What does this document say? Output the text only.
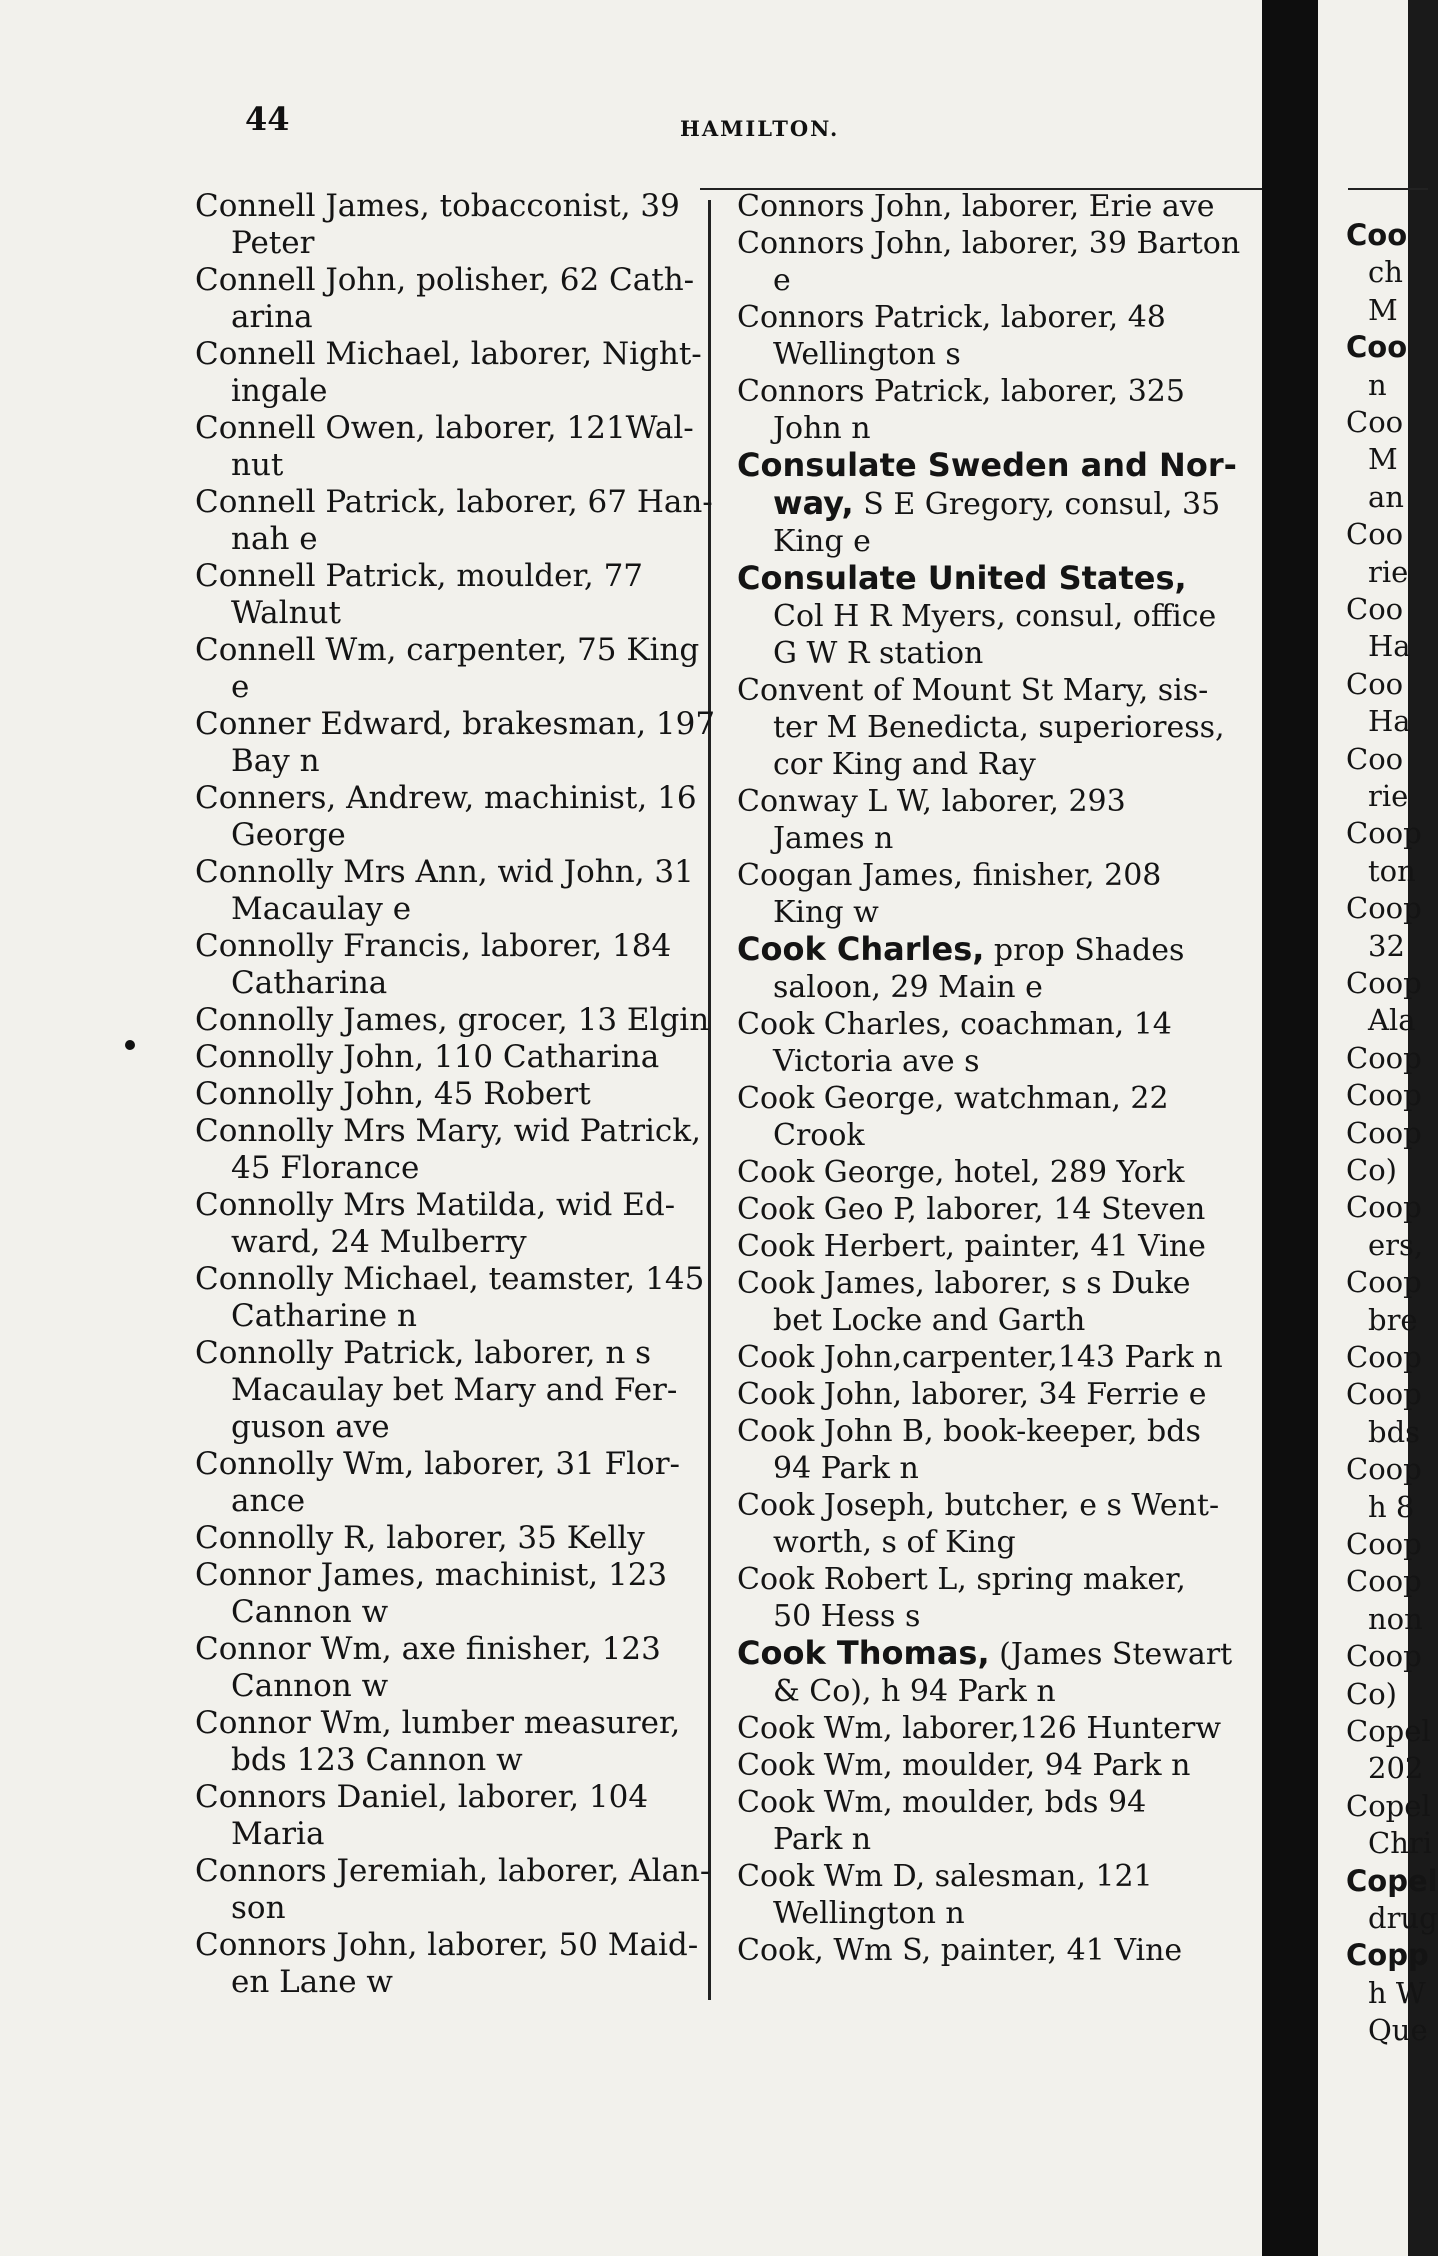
44	HAMILTON.
Connell James, tobacconist, 39
Peter
Connell John, polisher, 62 Cath-
arina
Connell Michael, laborer, Night-
ingale
Connell Owen, laborer, 121Wal-
nut
Connell Patrick, laborer, 67 Han-
nah e
Connell Patrick, moulder, 77
Walnut
Connell Wm, carpenter, 75 King
e
Conner Edward, brakesman, 197
Bay n
Conners, Andrew, machinist, 16
George
Connolly Mrs Ann, wid John, 31
Macaulay e
Connolly Francis, laborer, 184
Catharina
Connolly James, grocer, 13 Elgin
Connolly John, 110 Catharina
Connolly John, 45 Robert
Connolly Mrs Mary, wid Patrick,
45 Florance
Connolly Mrs Matilda, wid Ed-
ward, 24 Mulberry
Connolly Michael, teamster, 145
Catharine n
Connolly Patrick, laborer, n s
Macaulay bet Mary and Fer-
guson ave
Connolly Wm, laborer, 31 Flor-
ance
Connolly R, laborer, 35 Kelly
Connor James, machinist, 123
Cannon w
Connor Wm, axe finisher, 123
Cannon w
Connor Wm, lumber measurer,
bds 123 Cannon w
Connors Daniel, laborer, 104
Maria
Connors Jeremiah, laborer, Alan-
son
Connors John, laborer, 50 Maid-
en Lane w
Connors John, laborer, Erie ave
Connors John, laborer, 39 Barton
e
Connors Patrick, laborer, 48
Wellington s
Connors Patrick, laborer, 325
John n
Consulate Sweden and Nor-
way, S E Gregory, consul, 35
King e
Consulate United States,
Col H R Myers, consul, office
G W R station
Convent of Mount St Mary, sis-
ter M Benedicta, superioress,
cor King and Ray
Conway L W, laborer, 293
James n
Coogan James, finisher, 208
King w
Cook Charles, prop Shades
saloon, 29 Main e
Cook Charles, coachman, 14
Victoria ave s
Cook George, watchman, 22
Crook
Cook George, hotel, 289 York
Cook Geo P, laborer, 14 Steven
Cook Herbert, painter, 41 Vine
Cook James, laborer, s s Duke
bet Locke and Garth
Cook John,carpenter,143 Park n
Cook John, laborer, 34 Ferrie e
Cook John B, book-keeper, bds
94 Park n
Cook Joseph, butcher, e s Went-
worth, s of King
Cook Robert L, spring maker,
50 Hess s
Cook Thomas, (James Stewart
& Co), h 94 Park n
Cook Wm, laborer,126 Hunterw
Cook Wm, moulder, 94 Park n
Cook Wm, moulder, bds 94
Park n
Cook Wm D, salesman, 121
Wellington n
Cook, Wm S, painter, 41 Vine
Coo
ch
M
Coo
n
Coo
M
an
Coo
rie
Coo
Ha
Coo
Ha
Coo
rie
Coop
ton
Coop
32
Coop
Ala
Coop
Coop
Coop
Co)
Coop
ers,
Coop
bre
Coop
Coop
bds
Coop
h 8
Coop
Coop
non
Coop
Co)
Copel
202
Copel
Chri
Copel
drug
Copp
h W
Que
